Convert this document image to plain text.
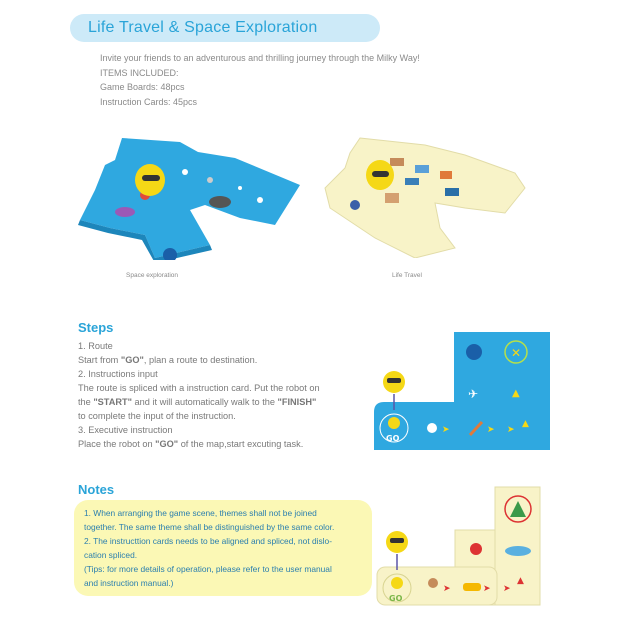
Life Travel & Space Exploration
Invite your friends to an adventurous and thrilling journey through the Milky Way!
ITEMS INCLUDED:
Game Boards: 48pcs
Instruction Cards: 45pcs
Space exploration	Life Travel
Steps
1. Route
Start from "GO", plan a route to destination.
2. Instructions input
The route is spliced with a instruction card. Put the robot on
the "START" and it will automatically walk to the "FINISH"
to complete the input of the instruction.
3. Executive instruction
Place the robot on "GO" of the map,start excuting task.
✕
✈	▲
GO
➤	➤ ➤
▲
Notes
1. When arranging the game scene, themes shall not be joined
together. The same theme shall be distinguished by the same color.
2. The instructtion cards needs to be aligned and spliced, not dislo-
cation spliced.
(Tips: for more details of operation, please refer to the user manual
and instruction manual.)
GO
➤	➤ ➤
▲
